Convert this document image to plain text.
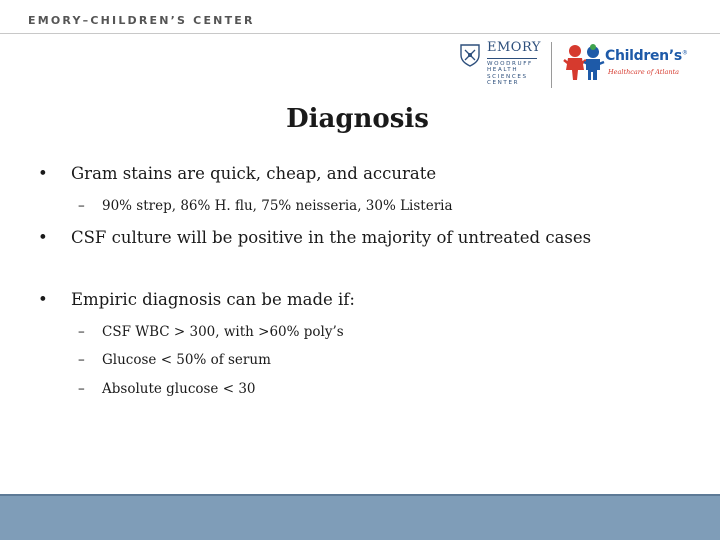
EMORY–CHILDREN’S CENTER
EMORY
WOODRUFF
HEALTH
SCIENCES
CENTER
Children’s®
Healthcare of Atlanta
Diagnosis
• Gram stains are quick, cheap, and accurate
– 90% strep, 86% H. flu, 75% neisseria, 30% Listeria
• CSF culture will be positive in the majority of untreated cases
• Empiric diagnosis can be made if:
– CSF WBC > 300, with >60% poly’s
– Glucose < 50% of serum
– Absolute glucose < 30
